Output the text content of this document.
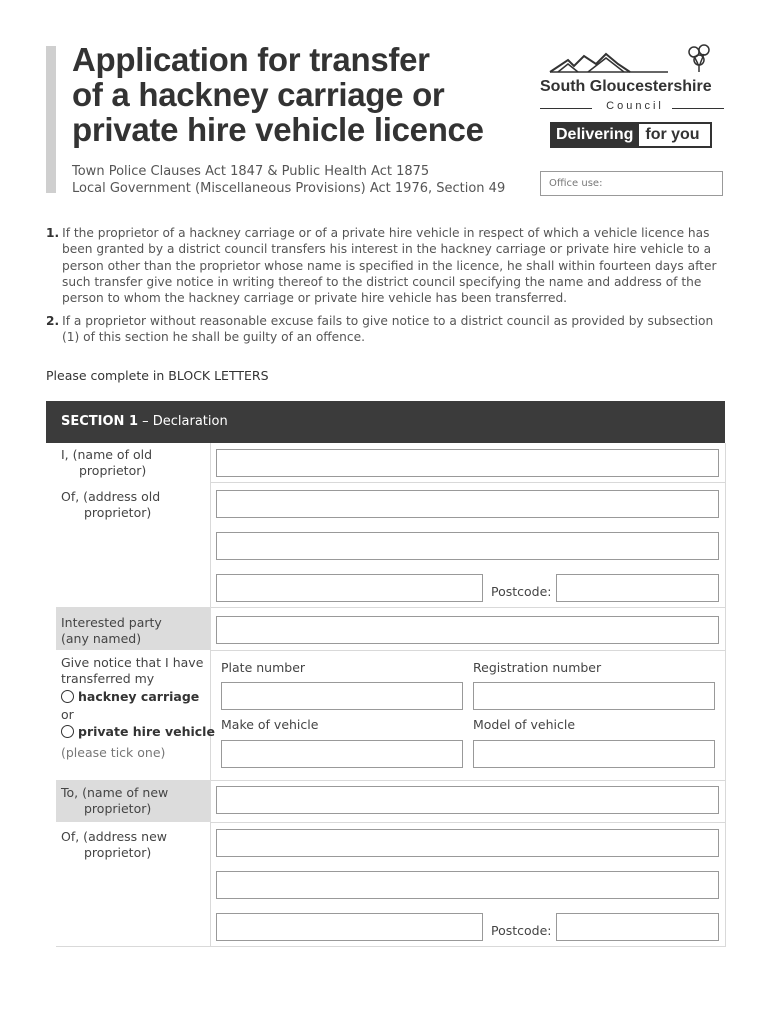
Application for transfer
of a hackney carriage or
private hire vehicle licence
Town Police Clauses Act 1847 & Public Health Act 1875
Local Government (Miscellaneous Provisions) Act 1976, Section 49
South Gloucestershire
Council
Delivering for you
Office use:
1. If the proprietor of a hackney carriage or of a private hire vehicle in respect of which a vehicle licence has been granted by a district council transfers his interest in the hackney carriage or private hire vehicle to a person other than the proprietor whose name is specified in the licence, he shall within fourteen days after such transfer give notice in writing thereof to the district council specifying the name and address of the person to whom the hackney carriage or private hire vehicle has been transferred.
2. If a proprietor without reasonable excuse fails to give notice to a district council as provided by subsection (1) of this section he shall be guilty of an offence.
Please complete in BLOCK LETTERS
SECTION 1 – Declaration
I, (name of old
proprietor)
Of, (address old
proprietor)
Postcode:
Interested party
(any named)
Give notice that I have
transferred my
hackney carriage
or
private hire vehicle
(please tick one)
Plate number	Registration number
Make of vehicle	Model of vehicle
To, (name of new
proprietor)
Of, (address new
proprietor)
Postcode:
